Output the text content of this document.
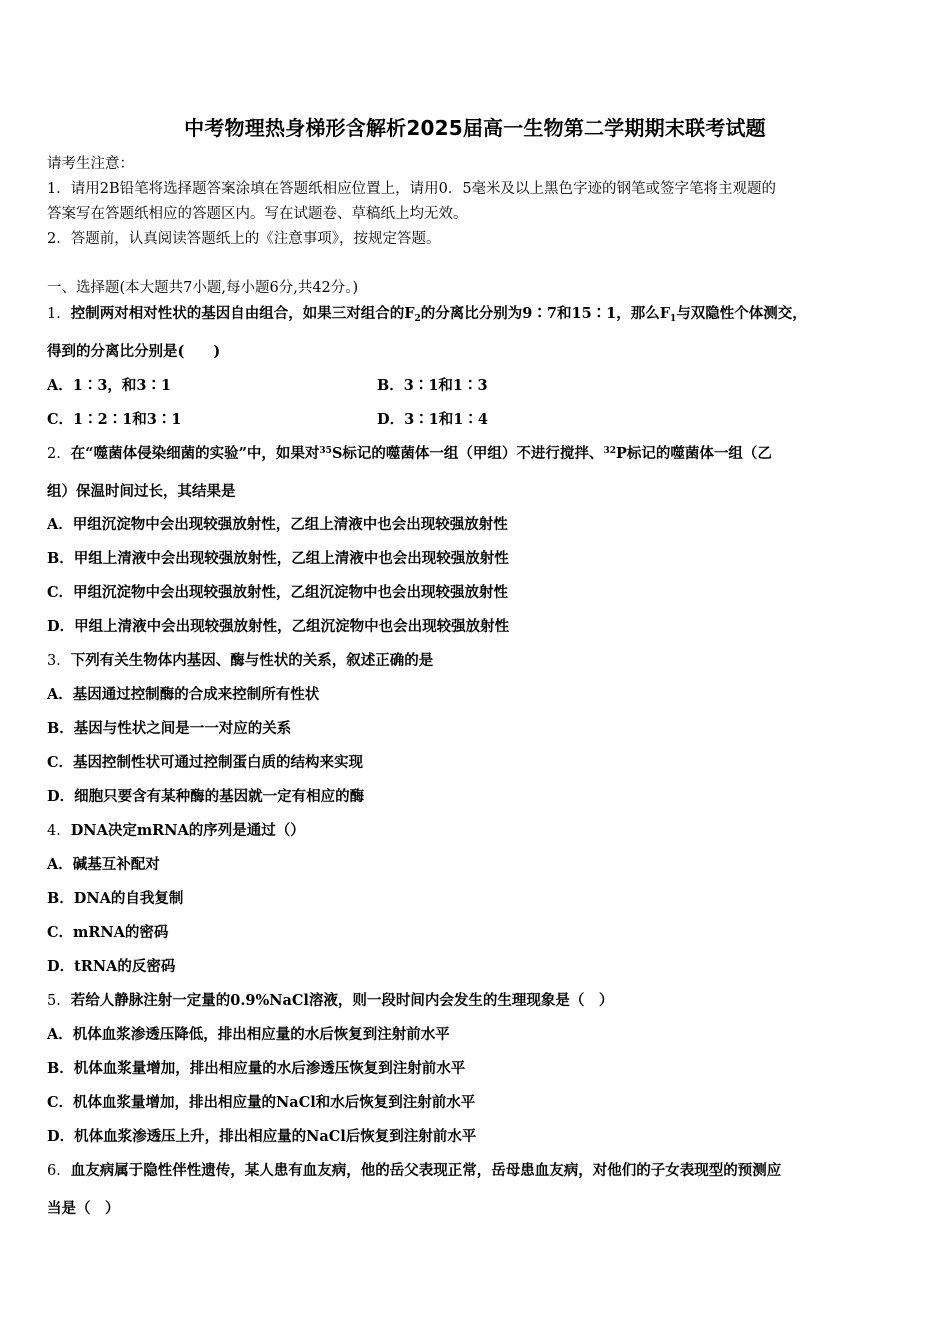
中考物理热身梯形含解析2025届高一生物第二学期期末联考试题
请考生注意：
1．请用2B铅笔将选择题答案涂填在答题纸相应位置上，请用0．5毫米及以上黑色字迹的钢笔或签字笔将主观题的
答案写在答题纸相应的答题区内。写在试题卷、草稿纸上均无效。
2．答题前，认真阅读答题纸上的《注意事项》，按规定答题。
一、选择题(本大题共7小题,每小题6分,共42分。)
1．控制两对相对性状的基因自由组合，如果三对组合的$F_2$的分离比分别为9∶7和15∶1，那么$F_1$与双隐性个体测交，
得到的分离比分别是(　　)
A．1∶3，和3∶1	B．3∶1和1∶3
C．1∶2∶1和3∶1	D．3∶1和1∶4
2．在“噬菌体侵染细菌的实验”中，如果对$^{35}$S标记的噬菌体一组（甲组）不进行搅拌、$^{32}$P标记的噬菌体一组（乙
组）保温时间过长，其结果是
A．甲组沉淀物中会出现较强放射性，乙组上清液中也会出现较强放射性
B．甲组上清液中会出现较强放射性，乙组上清液中也会出现较强放射性
C．甲组沉淀物中会出现较强放射性，乙组沉淀物中也会出现较强放射性
D．甲组上清液中会出现较强放射性，乙组沉淀物中也会出现较强放射性
3．下列有关生物体内基因、酶与性状的关系，叙述正确的是
A．基因通过控制酶的合成来控制所有性状
B．基因与性状之间是一一对应的关系
C．基因控制性状可通过控制蛋白质的结构来实现
D．细胞只要含有某种酶的基因就一定有相应的酶
4．DNA决定mRNA的序列是通过（）
A．碱基互补配对
B．DNA的自我复制
C．mRNA的密码
D．tRNA的反密码
5．若给人静脉注射一定量的0.9%NaCl溶液，则一段时间内会发生的生理现象是（　）
A．机体血浆渗透压降低，排出相应量的水后恢复到注射前水平
B．机体血浆量增加，排出相应量的水后渗透压恢复到注射前水平
C．机体血浆量增加，排出相应量的NaCl和水后恢复到注射前水平
D．机体血浆渗透压上升，排出相应量的NaCl后恢复到注射前水平
6．血友病属于隐性伴性遗传，某人患有血友病，他的岳父表现正常，岳母患血友病，对他们的子女表现型的预测应
当是（　）
